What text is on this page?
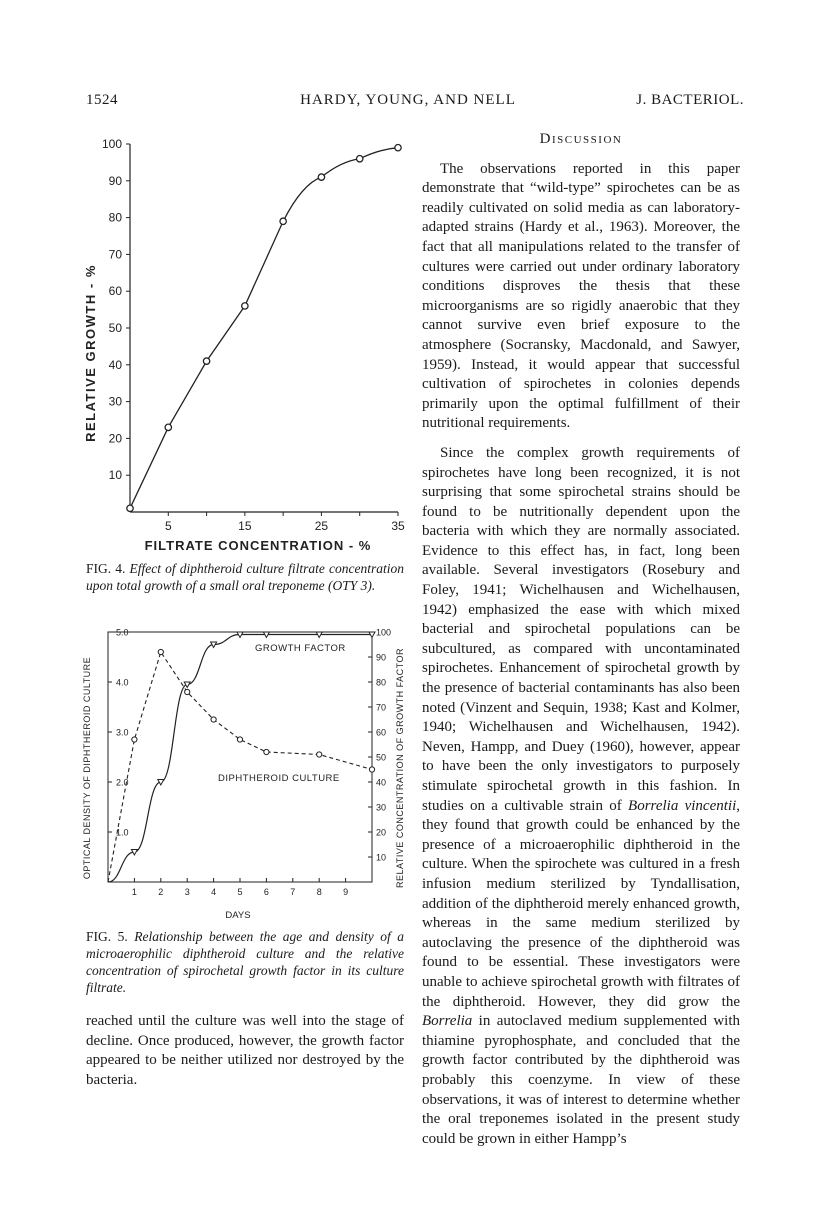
HARDY, YOUNG, AND NELL
1524	J. BACTERIOL.
10
20
30
40
50
60
70
80
90
100
5	15	25	35
FILTRATE CONCENTRATION - %
RELATIVE GROWTH - %
FIG. 4. Effect of diphtheroid culture filtrate concentration upon total growth of a small oral treponeme (OTY 3).
1.0
2.0
3.0
4.0
5.0
10
20
30
40
50
60
70
80
90
100
1 2 3 4 5 6 7 8 9
GROWTH FACTOR
DIPHTHEROID CULTURE
DAYS
OPTICAL DENSITY OF DIPHTHEROID CULTURE	RELATIVE CONCENTRATION OF GROWTH FACTOR
FIG. 5. Relationship between the age and density of a microaerophilic diphtheroid culture and the relative concentration of spirochetal growth factor in its culture filtrate.

reached until the culture was well into the stage of decline. Once produced, however, the growth factor appeared to be neither utilized nor destroyed by the bacteria.

Discussion

The observations reported in this paper demonstrate that “wild-type” spirochetes can be as readily cultivated on solid media as can laboratory-adapted strains (Hardy et al., 1963). Moreover, the fact that all manipulations related to the transfer of cultures were carried out under ordinary laboratory conditions disproves the thesis that these microorganisms are so rigidly anaerobic that they cannot survive even brief exposure to the atmosphere (Socransky, Macdonald, and Sawyer, 1959). Instead, it would appear that successful cultivation of spirochetes in colonies depends primarily upon the optimal fulfillment of their nutritional requirements.

Since the complex growth requirements of spirochetes have long been recognized, it is not surprising that some spirochetal strains should be found to be nutritionally dependent upon the bacteria with which they are normally associated. Evidence to this effect has, in fact, long been available. Several investigators (Rosebury and Foley, 1941; Wichelhausen and Wichelhausen, 1942) emphasized the ease with which mixed bacterial and spirochetal populations can be subcultured, as compared with uncontaminated spirochetes. Enhancement of spirochetal growth by the presence of bacterial contaminants has also been noted (Vinzent and Sequin, 1938; Kast and Kolmer, 1940; Wichelhausen and Wichelhausen, 1942). Neven, Hampp, and Duey (1960), however, appear to have been the only investigators to purposely stimulate spirochetal growth in this fashion. In studies on a cultivable strain of Borrelia vincentii, they found that growth could be enhanced by the presence of a microaerophilic diphtheroid in the culture. When the spirochete was cultured in a fresh infusion medium sterilized by Tyndallisation, addition of the diphtheroid merely enhanced growth, whereas in the same medium sterilized by autoclaving the presence of the diphtheroid was found to be essential. These investigators were unable to achieve spirochetal growth with filtrates of the diphtheroid. However, they did grow the Borrelia in autoclaved medium supplemented with thiamine pyrophosphate, and concluded that the growth factor contributed by the diphtheroid was probably this coenzyme. In view of these observations, it was of interest to determine whether the oral treponemes isolated in the present study could be grown in either Hampp’s
